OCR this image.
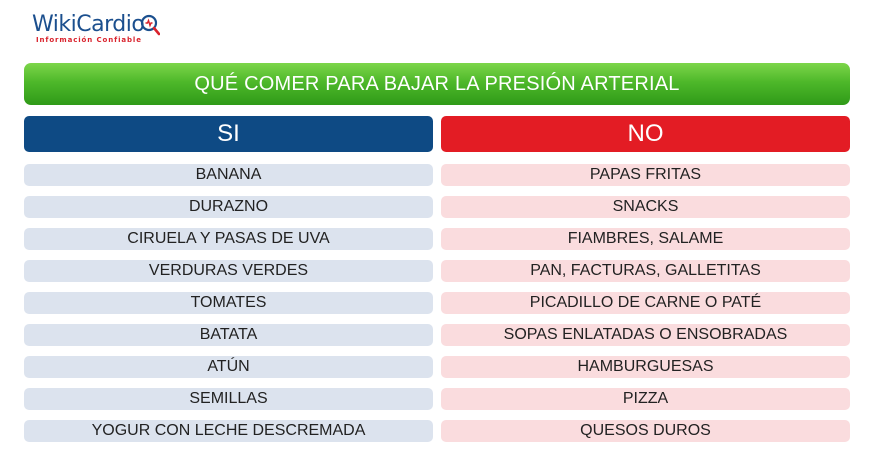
WikiCardio
Información Confiable
QUÉ COMER PARA BAJAR LA PRESIÓN ARTERIAL
SI	NO
BANANA
DURAZNO
CIRUELA Y PASAS DE UVA
VERDURAS VERDES
TOMATES
BATATA
ATÚN
SEMILLAS
YOGUR CON LECHE DESCREMADA
PAPAS FRITAS
SNACKS
FIAMBRES, SALAME
PAN, FACTURAS, GALLETITAS
PICADILLO DE CARNE O PATÉ
SOPAS ENLATADAS O ENSOBRADAS
HAMBURGUESAS
PIZZA
QUESOS DUROS
